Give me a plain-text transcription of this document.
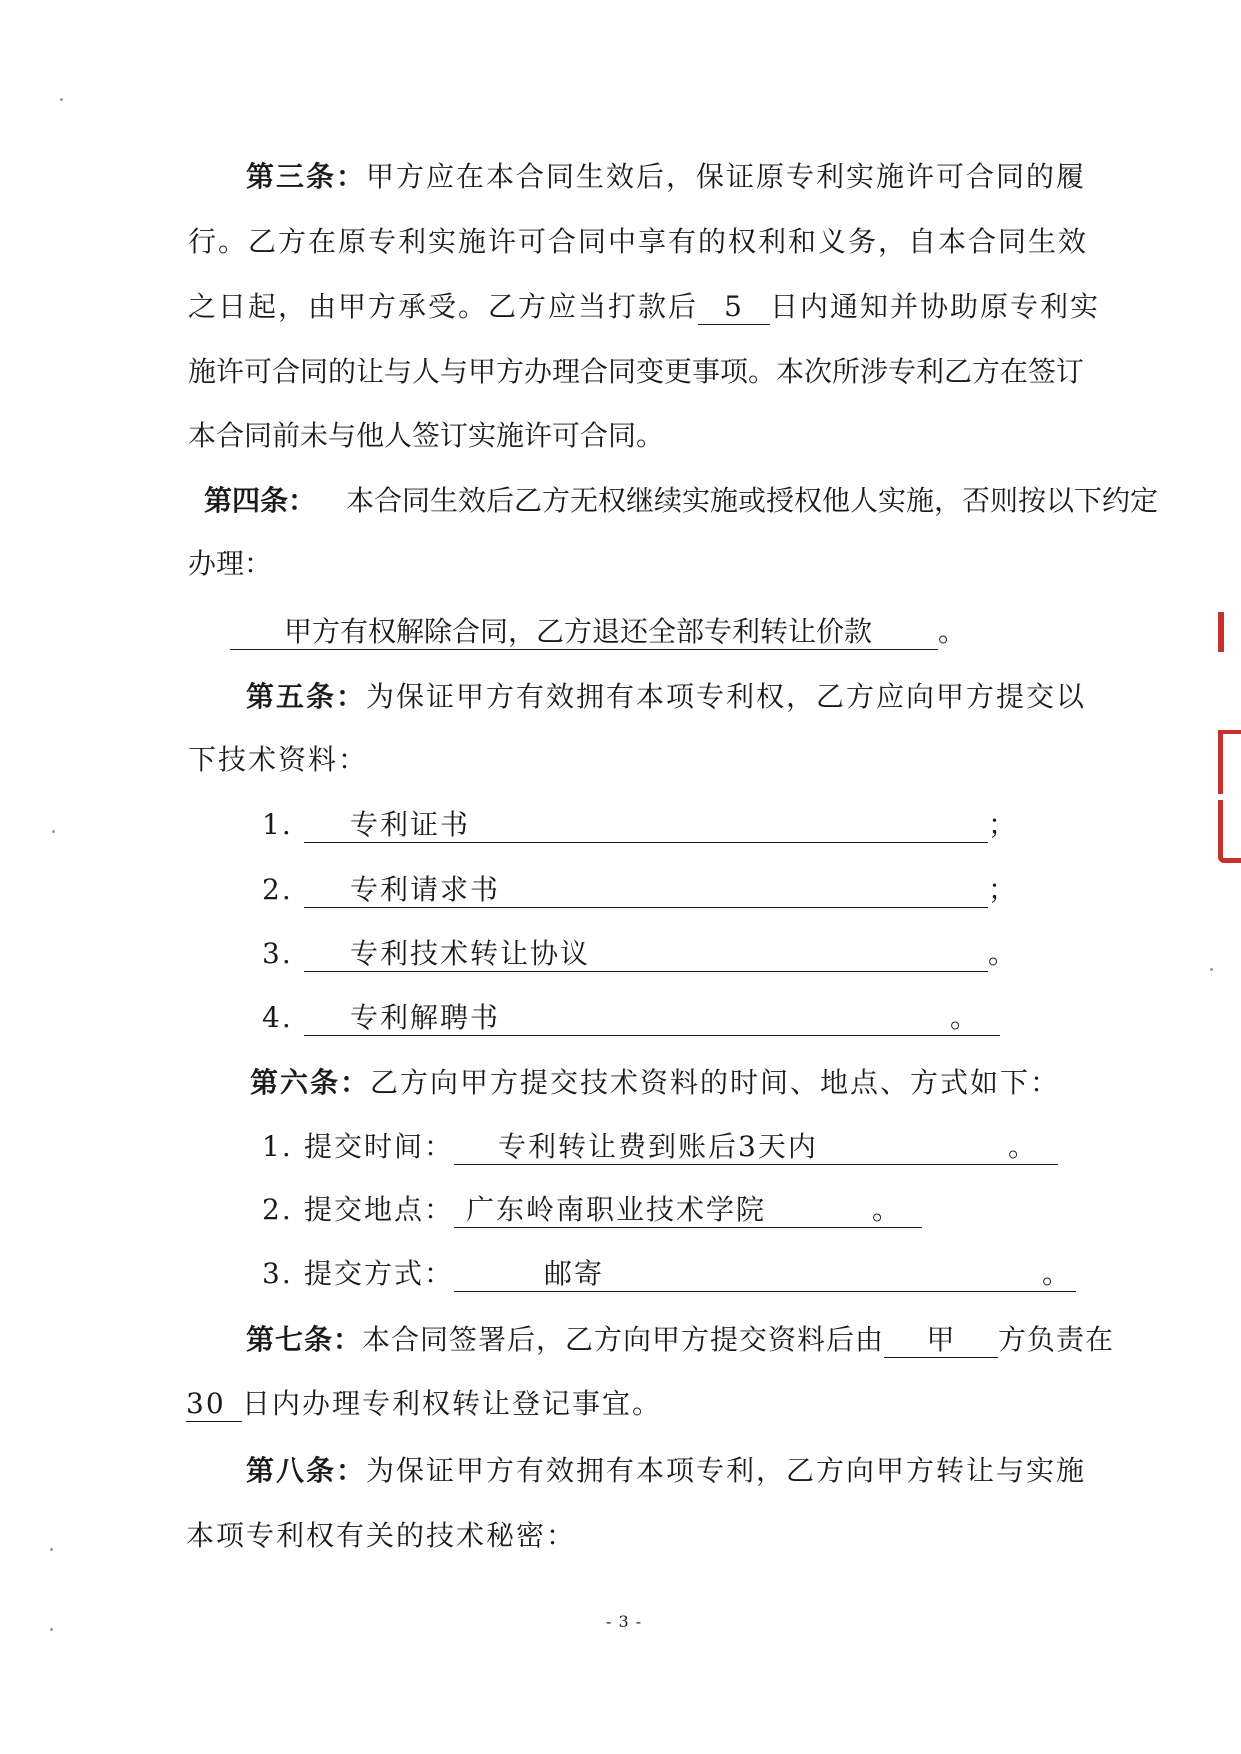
第三条：甲方应在本合同生效后，保证原专利实施许可合同的履
行。乙方在原专利实施许可合同中享有的权利和义务，自本合同生效
之日起，由甲方承受。乙方应当打款后 5 日内通知并协助原专利实
施许可合同的让与人与甲方办理合同变更事项。本次所涉专利乙方在签订
本合同前未与他人签订实施许可合同。
第四条： 本合同生效后乙方无权继续实施或授权他人实施，否则按以下约定
办理：
甲方有权解除合同，乙方退还全部专利转让价款 。
第五条：为保证甲方有效拥有本项专利权，乙方应向甲方提交以
下技术资料：
1. 专利证书	；
2. 专利请求书	；
3. 专利技术转让协议	。
4. 专利解聘书	。
第六条：乙方向甲方提交技术资料的时间、地点、方式如下：
1. 提交时间： 专利转让费到账后3天内	。
2. 提交地点： 广东岭南职业技术学院	。
3. 提交方式：	邮寄	。
第七条：本合同签署后，乙方向甲方提交资料后由 甲 方负责在
30 日内办理专利权转让登记事宜。
第八条：为保证甲方有效拥有本项专利，乙方向甲方转让与实施
本项专利权有关的技术秘密：
- 3 -
